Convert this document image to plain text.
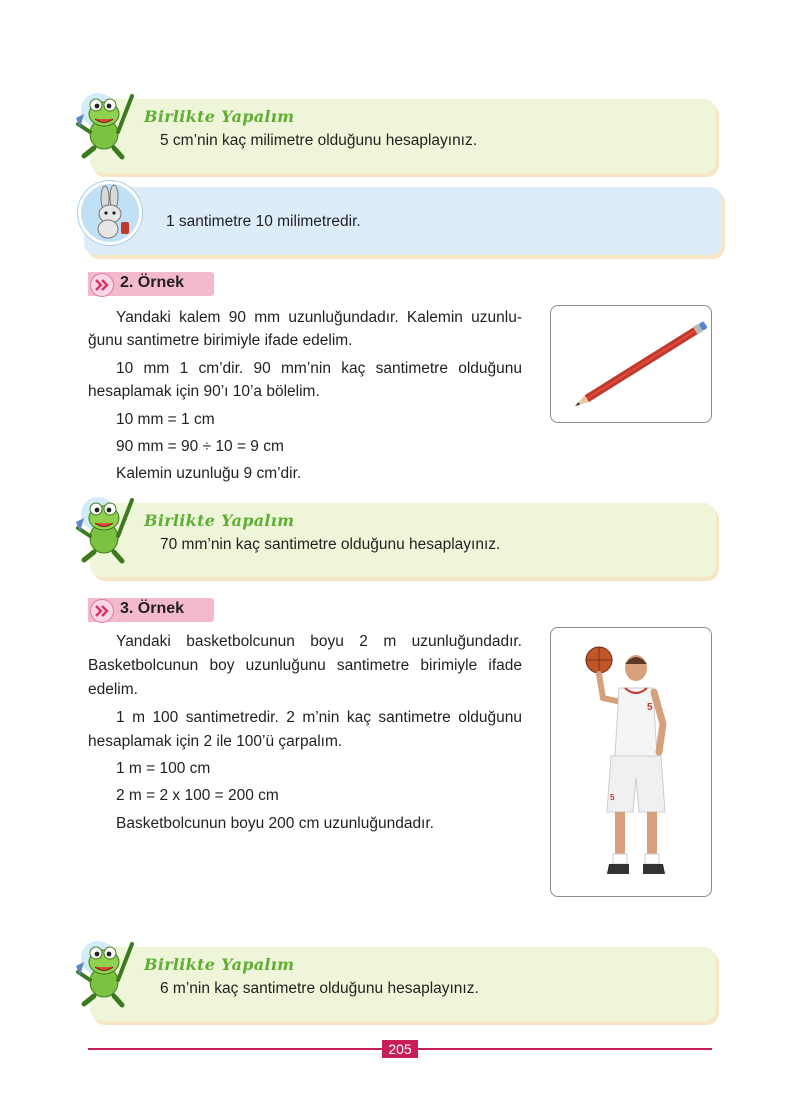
Birlikte Yapalım
5 cm’nin kaç milimetre olduğunu hesaplayınız.
1 santimetre 10 milimetredir.
2. Örnek
Yandaki kalem 90 mm uzunluğundadır. Kalemin uzunlu-
ğunu santimetre birimiyle ifade edelim.
10 mm 1 cm’dir. 90 mm’nin kaç santimetre olduğunu
hesaplamak için 90’ı 10’a bölelim.
10 mm = 1 cm
90 mm = 90 ÷ 10 = 9 cm
Kalemin uzunluğu 9 cm’dir.
Birlikte Yapalım
70 mm’nin kaç santimetre olduğunu hesaplayınız.
3. Örnek
Yandaki basketbolcunun boyu 2 m uzunluğundadır.
Basketbolcunun boy uzunluğunu santimetre birimiyle ifade
edelim.
1 m 100 santimetredir. 2 m’nin kaç santimetre olduğunu
hesaplamak için 2 ile 100’ü çarpalım.
1 m = 100 cm
2 m = 2 x 100 = 200 cm
Basketbolcunun boyu 200 cm uzunluğundadır.
5
5
Birlikte Yapalım
6 m’nin kaç santimetre olduğunu hesaplayınız.
205
